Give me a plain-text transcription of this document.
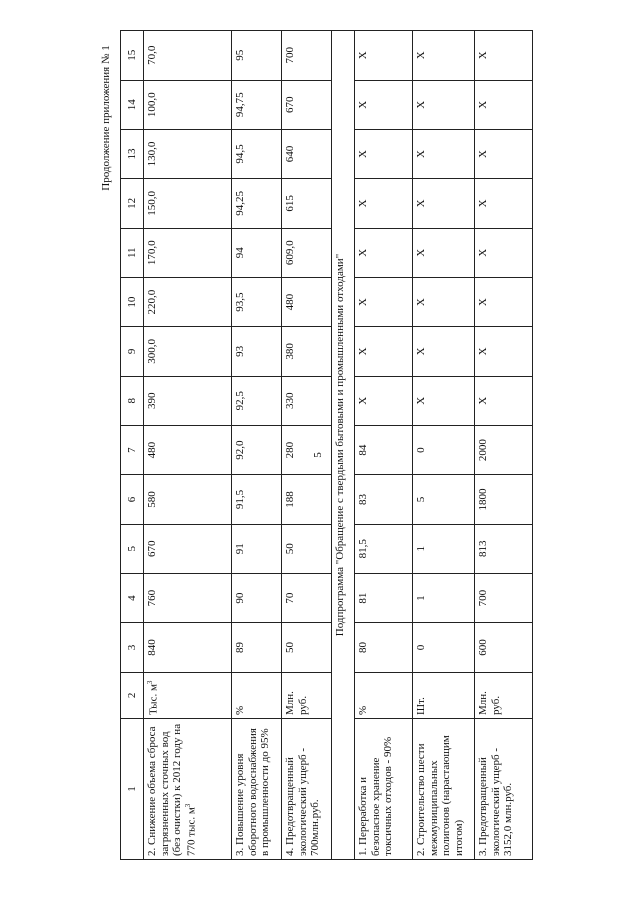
5
Продолжение приложения № 1
1	2	3	4	5	6	7	8	9	10	11	12	13	14	15
2. Снижение объема сброса загрязненных сточных вод (без очистки) к 2012 году на 770 тыс. $м^3$	Тыс. $м^3$	840	760	670	580	480	390	300,0	220,0	170,0	150,0	130,0	100,0	70,0
3. Повышение уровня оборотного водоснабжения в промышленности до 95%	%	89	90	91	91,5	92,0	92,5	93	93,5	94	94,25	94,5	94,75	95
4. Предотвращенный экологический ущерб - 700млн.руб.	Млн. руб.	50	70	50	188	280	330	380	480	609,0	615	640	670	700
Подпрограмма "Обращение с твердыми бытовыми и промышленными отходами"														
1. Переработка и безопасное хранение токсичных отходов - 90%	%	80	81	81,5	83	84	X	X	X	X	X	X	X	X
2. Строительство шести межмуниципальных полигонов (нарастающим итогом)	Шт.	0	1	1	5	0	X	X	X	X	X	X	X	X
3. Предотвращенный экологический ущерб - 3152,0 млн.руб.	Млн. руб.	600	700	813	1800	2000	X	X	X	X	X	X	X	X
